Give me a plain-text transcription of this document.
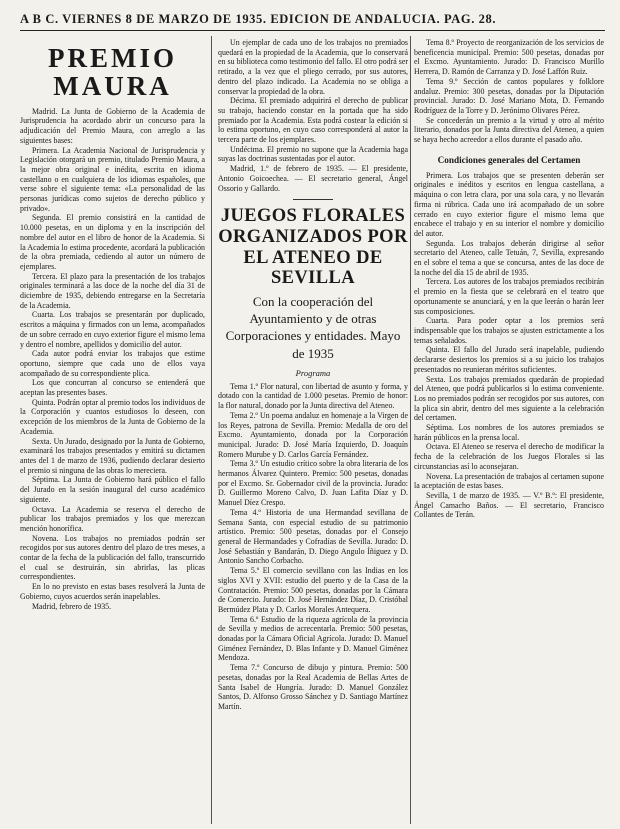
A B C. VIERNES 8 DE MARZO DE 1935. EDICION DE ANDALUCIA. PAG. 28.
PREMIO MAURA

Madrid. La Junta de Gobierno de la Academia de Jurisprudencia ha acordado abrir un concurso para la adjudicación del Premio Maura, con arreglo a las siguientes bases:

Primera. La Academia Nacional de Jurisprudencia y Legislación otorgará un premio, titulado Premio Maura, a la mejor obra original e inédita, escrita en idioma castellano o en cualquiera de los idiomas españoles, que verse sobre el siguiente tema: «La personalidad de las personas jurídicas como sujetos de derecho público y privado».

Segunda. El premio consistirá en la cantidad de 10.000 pesetas, en un diploma y en la inscripción del nombre del autor en el libro de honor de la Academia. Si la Academia lo estima procedente, acordará la publicación de la obra premiada, cediendo al autor un número de ejemplares.

Tercera. El plazo para la presentación de los trabajos originales terminará a las doce de la noche del día 31 de diciembre de 1935, debiendo entregarse en la Secretaría de la Academia.

Cuarta. Los trabajos se presentarán por duplicado, escritos a máquina y firmados con un lema, acompañados de un sobre cerrado en cuyo exterior figure el mismo lema y dentro el nombre, apellidos y domicilio del autor.

Cada autor podrá enviar los trabajos que estime oportuno, siempre que cada uno de ellos vaya acompañado de su correspondiente plica.

Los que concurran al concurso se entenderá que aceptan las presentes bases.

Quinta. Podrán optar al premio todos los individuos de la Corporación y cuantos estudiosos lo deseen, con excepción de los miembros de la Junta de Gobierno de la Academia.

Sexta. Un Jurado, designado por la Junta de Gobierno, examinará los trabajos presentados y emitirá su dictamen antes del 1 de marzo de 1936, pudiendo declarar desierto el premio si ninguna de las obras lo mereciera.

Séptima. La Junta de Gobierno hará público el fallo del Jurado en la sesión inaugural del curso académico siguiente.

Octava. La Academia se reserva el derecho de publicar los trabajos premiados y los que merezcan mención honorífica.

Novena. Los trabajos no premiados podrán ser recogidos por sus autores dentro del plazo de tres meses, a contar de la fecha de la publicación del fallo, transcurrido el cual se destruirán, sin abrirlas, las plicas correspondientes.

En lo no previsto en estas bases resolverá la Junta de Gobierno, cuyos acuerdos serán inapelables.

Madrid, febrero de 1935.

Un ejemplar de cada uno de los trabajos no premiados quedará en la propiedad de la Academia, que lo conservará en su biblioteca como testimonio del fallo. El otro podrá ser retirado, a la vez que el pliego cerrado, por sus autores, dentro del plazo indicado. La Academia no se obliga a conservar la propiedad de la obra.

Décima. El premiado adquirirá el derecho de publicar su trabajo, haciendo constar en la portada que ha sido premiado por la Academia. Esta podrá costear la edición si lo estima oportuno, en cuyo caso corresponderá al autor la tercera parte de los ejemplares.

Undécima. El premio no supone que la Academia haga suyas las doctrinas sustentadas por el autor.

Madrid, 1.º de febrero de 1935. — El presidente, Antonio Goicoechea. — El secretario general, Ángel Ossorio y Gallardo.

JUEGOS FLORALES ORGANIZADOS POR EL ATENEO DE SEVILLA
Con la cooperación del Ayuntamiento y de otras Corporaciones y entidades. Mayo de 1935
Programa

Tema 1.º Flor natural, con libertad de asunto y forma, y dotado con la cantidad de 1.000 pesetas. Premio de honor: la flor natural, donado por la Junta directiva del Ateneo.

Tema 2.º Un poema andaluz en homenaje a la Virgen de los Reyes, patrona de Sevilla. Premio: Medalla de oro del Excmo. Ayuntamiento, donada por la Corporación municipal. Jurado: D. José María Izquierdo, D. Joaquín Romero Murube y D. Carlos García Fernández.

Tema 3.º Un estudio crítico sobre la obra literaria de los hermanos Álvarez Quintero. Premio: 500 pesetas, donadas por el Excmo. Sr. Gobernador civil de la provincia. Jurado: D. Guillermo Moreno Calvo, D. Juan Lafita Díaz y D. Manuel Díez Crespo.

Tema 4.º Historia de una Hermandad sevillana de Semana Santa, con especial estudio de su patrimonio artístico. Premio: 500 pesetas, donadas por el Consejo general de Hermandades y Cofradías de Sevilla. Jurado: D. José Sebastián y Bandarán, D. Diego Angulo Íñiguez y D. Antonio Sancho Corbacho.

Tema 5.º El comercio sevillano con las Indias en los siglos XVI y XVII: estudio del puerto y de la Casa de la Contratación. Premio: 500 pesetas, donadas por la Cámara de Comercio. Jurado: D. José Hernández Díaz, D. Cristóbal Bermúdez Plata y D. Carlos Morales Antequera.

Tema 6.º Estudio de la riqueza agrícola de la provincia de Sevilla y medios de acrecentarla. Premio: 500 pesetas, donadas por la Cámara Oficial Agrícola. Jurado: D. Manuel Giménez Fernández, D. Blas Infante y D. Manuel Giménez Mendoza.

Tema 7.º Concurso de dibujo y pintura. Premio: 500 pesetas, donadas por la Real Academia de Bellas Artes de Santa Isabel de Hungría. Jurado: D. Manuel González Santos, D. Alfonso Grosso Sánchez y D. Santiago Martínez Martín.

Tema 8.º Proyecto de reorganización de los servicios de beneficencia municipal. Premio: 500 pesetas, donadas por el Excmo. Ayuntamiento. Jurado: D. Francisco Murillo Herrera, D. Ramón de Carranza y D. José Laffón Ruiz.

Tema 9.º Sección de cantos populares y folklore andaluz. Premio: 300 pesetas, donadas por la Diputación provincial. Jurado: D. José Mariano Mota, D. Fernando Rodríguez de la Torre y D. Jerónimo Olivares Pérez.

Se concederán un premio a la virtud y otro al mérito literario, donados por la Junta directiva del Ateneo, a quien se haya hecho acreedor a ellos durante el pasado año.

Condiciones generales del Certamen

Primera. Los trabajos que se presenten deberán ser originales e inéditos y escritos en lengua castellana, a máquina o con letra clara, por una sola cara, y no llevarán firma ni rúbrica. Cada uno irá acompañado de un sobre cerrado en cuyo exterior figure el mismo lema que encabece el trabajo y en su interior el nombre y domicilio del autor.

Segunda. Los trabajos deberán dirigirse al señor secretario del Ateneo, calle Tetuán, 7, Sevilla, expresando en el sobre el tema a que se concursa, antes de las doce de la noche del día 15 de abril de 1935.

Tercera. Los autores de los trabajos premiados recibirán el premio en la fiesta que se celebrará en el teatro que oportunamente se anunciará, y en la que leerán o harán leer sus composiciones.

Cuarta. Para poder optar a los premios será indispensable que los trabajos se ajusten estrictamente a los temas señalados.

Quinta. El fallo del Jurado será inapelable, pudiendo declararse desiertos los premios si a su juicio los trabajos presentados no reunieran méritos suficientes.

Sexta. Los trabajos premiados quedarán de propiedad del Ateneo, que podrá publicarlos si lo estima conveniente. Los no premiados podrán ser recogidos por sus autores, con la plica sin abrir, dentro del mes siguiente a la celebración del certamen.

Séptima. Los nombres de los autores premiados se harán públicos en la prensa local.

Octava. El Ateneo se reserva el derecho de modificar la fecha de la celebración de los Juegos Florales si las circunstancias así lo aconsejaran.

Novena. La presentación de trabajos al certamen supone la aceptación de estas bases.

Sevilla, 1 de marzo de 1935. — V.º B.º: El presidente, Ángel Camacho Baños. — El secretario, Francisco Collantes de Terán.
